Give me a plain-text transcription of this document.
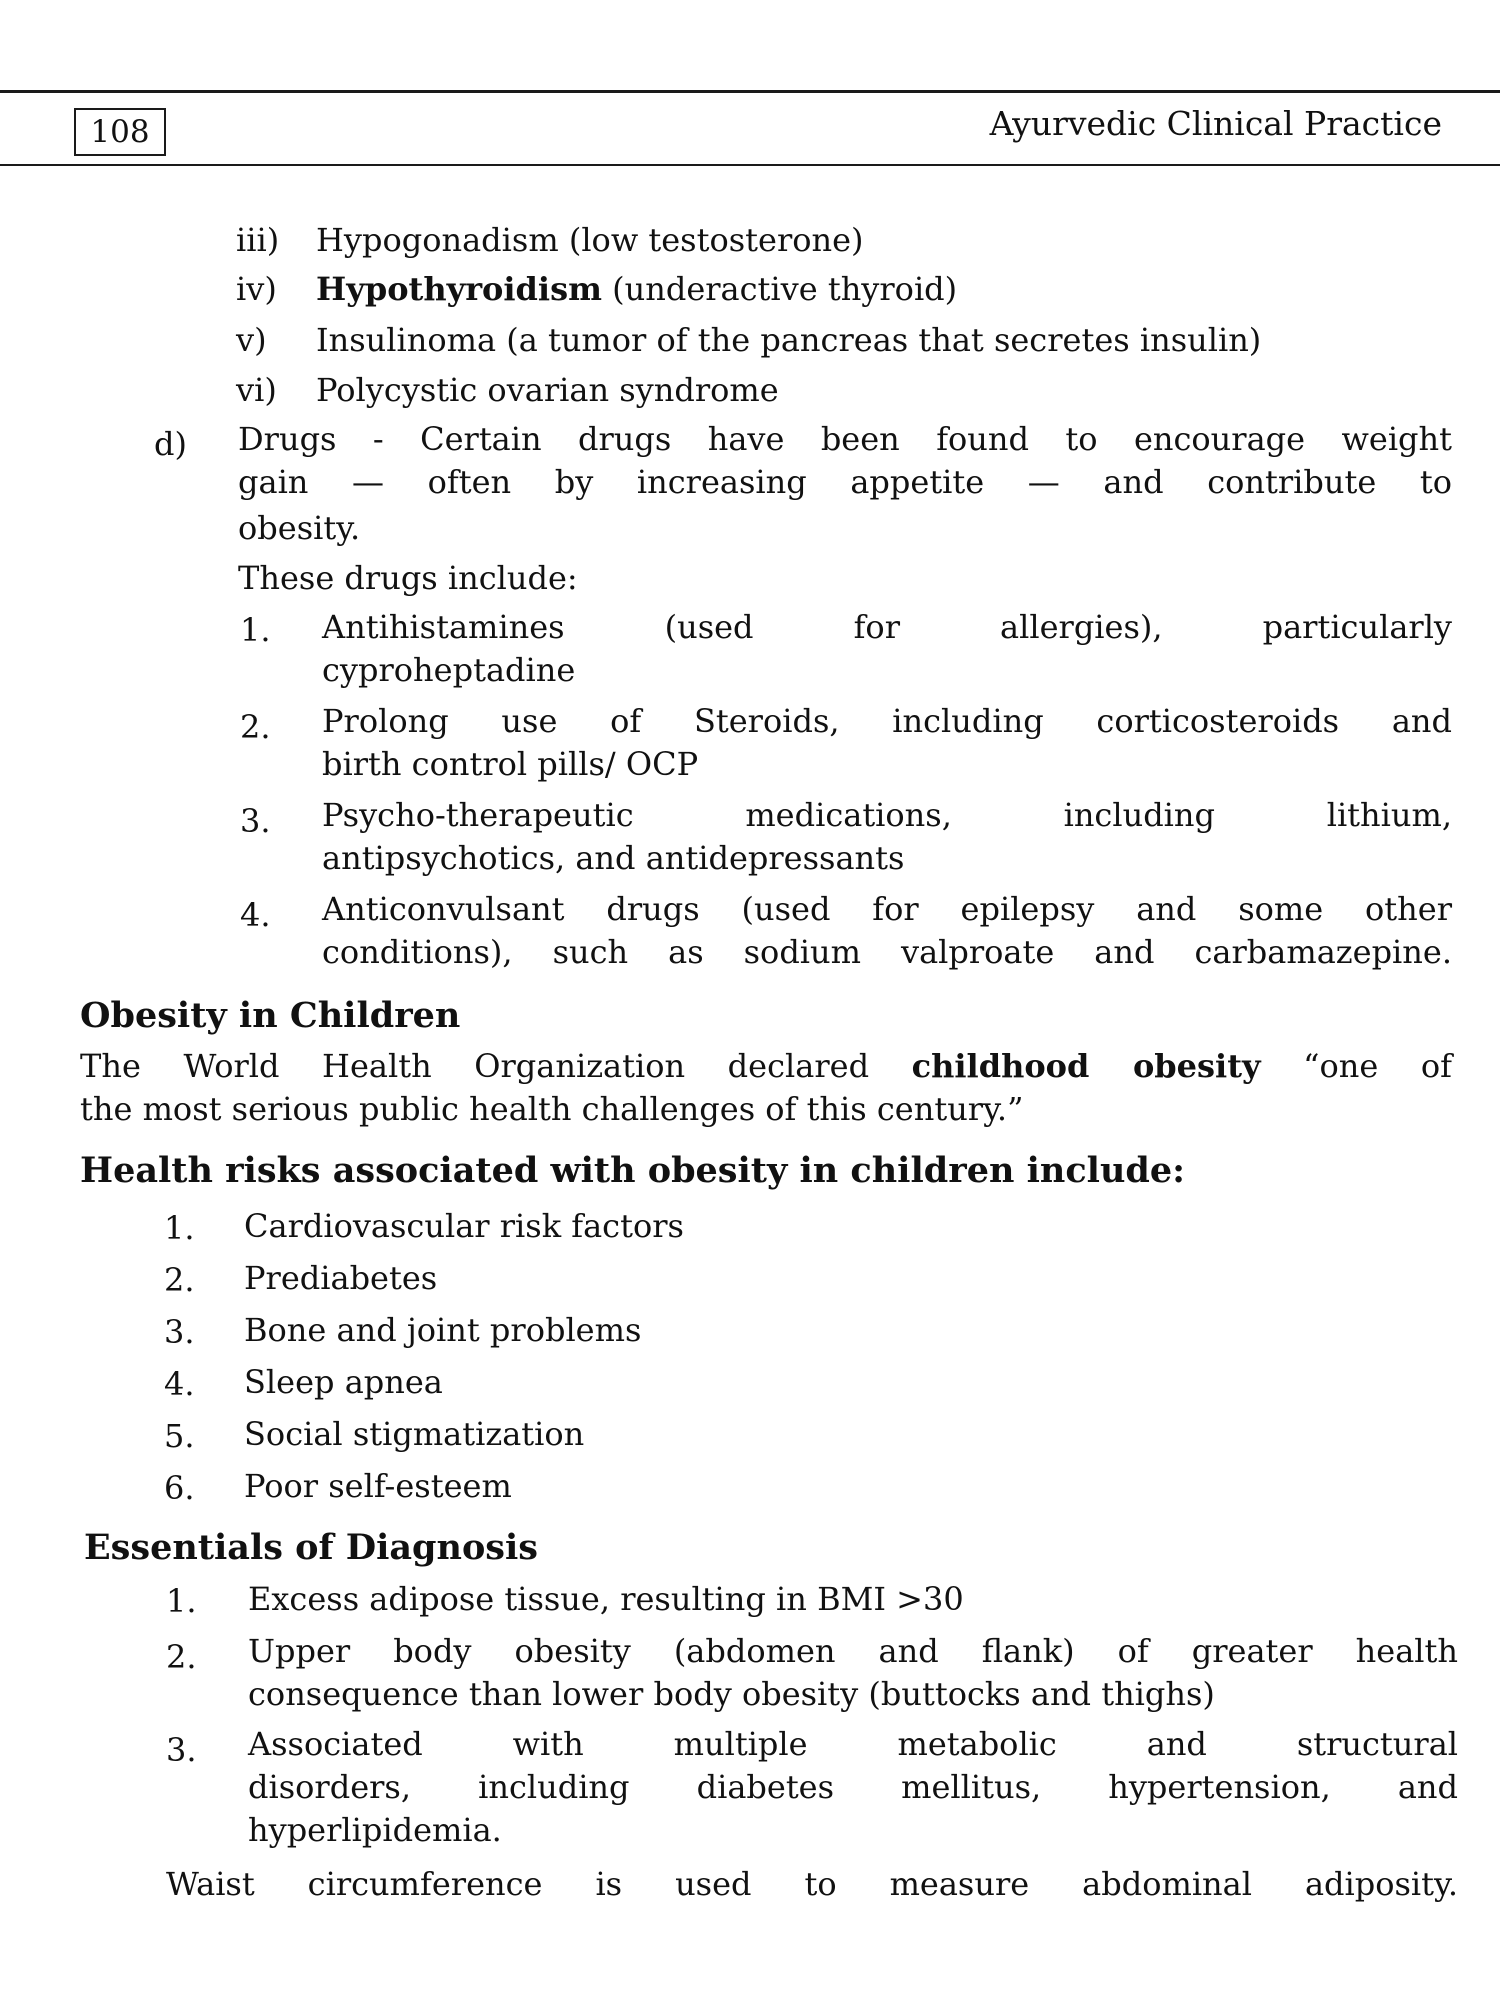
108	Ayurvedic Clinical Practice
iii) Hypogonadism (low testosterone)
iv) Hypothyroidism (underactive thyroid)
v) Insulinoma (a tumor of the pancreas that secretes insulin)
vi) Polycystic ovarian syndrome
d) Drugs - Certain drugs have been found to encourage weight
gain — often by increasing appetite — and contribute to
obesity.
These drugs include:
1. Antihistamines (used for allergies), particularly
cyproheptadine
2. Prolong use of Steroids, including corticosteroids and
birth control pills/ OCP
3. Psycho-therapeutic medications, including lithium,
antipsychotics, and antidepressants
4. Anticonvulsant drugs (used for epilepsy and some other
conditions), such as sodium valproate and carbamazepine.
Obesity in Children
The World Health Organization declared childhood obesity “one of
the most serious public health challenges of this century.”
Health risks associated with obesity in children include:
1. Cardiovascular risk factors
2. Prediabetes
3. Bone and joint problems
4. Sleep apnea
5. Social stigmatization
6. Poor self-esteem
Essentials of Diagnosis
1. Excess adipose tissue, resulting in BMI >30
2. Upper body obesity (abdomen and flank) of greater health
consequence than lower body obesity (buttocks and thighs)
3. Associated with multiple metabolic and structural
disorders, including diabetes mellitus, hypertension, and
hyperlipidemia.
Waist circumference is used to measure abdominal adiposity.
